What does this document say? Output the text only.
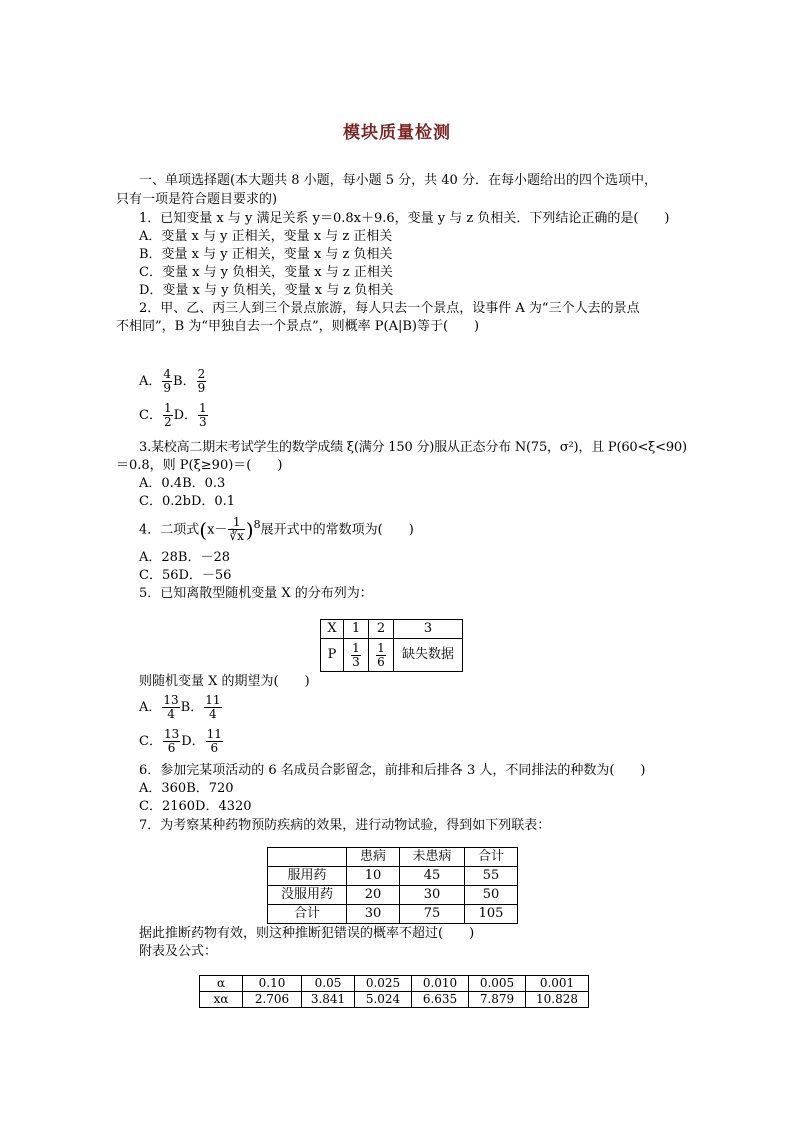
模块质量检测
一、单项选择题(本大题共 8 小题，每小题 5 分，共 40 分．在每小题给出的四个选项中，
只有一项是符合题目要求的)
1．已知变量 x 与 y 满足关系 y＝0.8x＋9.6，变量 y 与 z 负相关．下列结论正确的是(　　)
A．变量 x 与 y 正相关，变量 x 与 z 正相关
B．变量 x 与 y 正相关，变量 x 与 z 负相关
C．变量 x 与 y 负相关，变量 x 与 z 正相关
D．变量 x 与 y 负相关，变量 x 与 z 负相关
2．甲、乙、丙三人到三个景点旅游，每人只去一个景点，设事件 A 为“三个人去的景点
不相同”，B 为“甲独自去一个景点”，则概率 P(A|B)等于(　　)
A． $\frac{4}{9}$ B． $\frac{2}{9}$
C． $\frac{1}{2}$ D． $\frac{1}{3}$
3.某校高二期末考试学生的数学成绩 ξ(满分 150 分)服从正态分布 N(75，σ²)，且 P(60<ξ<90)
＝0.8，则 P(ξ≥90)＝(　　)
A．0.4B．0.3
C．0.2bD．0.1
4．二项式$(x- \frac{1}{∛x} )^8$展开式中的常数项为(　　)
A．28B．－28
C．56D．－56
5．已知离散型随机变量 X 的分布列为：
X	1	2	3
P	$\frac{1}{3}$	$\frac{1}{6}$	缺失数据
则随机变量 X 的期望为(　　)
A． $\frac{13}{4}$ B． $\frac{11}{4}$
C． $\frac{13}{6}$ D． $\frac{11}{6}$
6．参加完某项活动的 6 名成员合影留念，前排和后排各 3 人，不同排法的种数为(　　)
A．360B．720
C．2160D．4320
7．为考察某种药物预防疾病的效果，进行动物试验，得到如下列联表：
	患病	未患病	合计
服用药	10	45	55
没服用药	20	30	50
合计	30	75	105
据此推断药物有效，则这种推断犯错误的概率不超过(　　)
附表及公式：
α	0.10	0.05	0.025	0.010	0.005	0.001
xα	2.706	3.841	5.024	6.635	7.879	10.828
